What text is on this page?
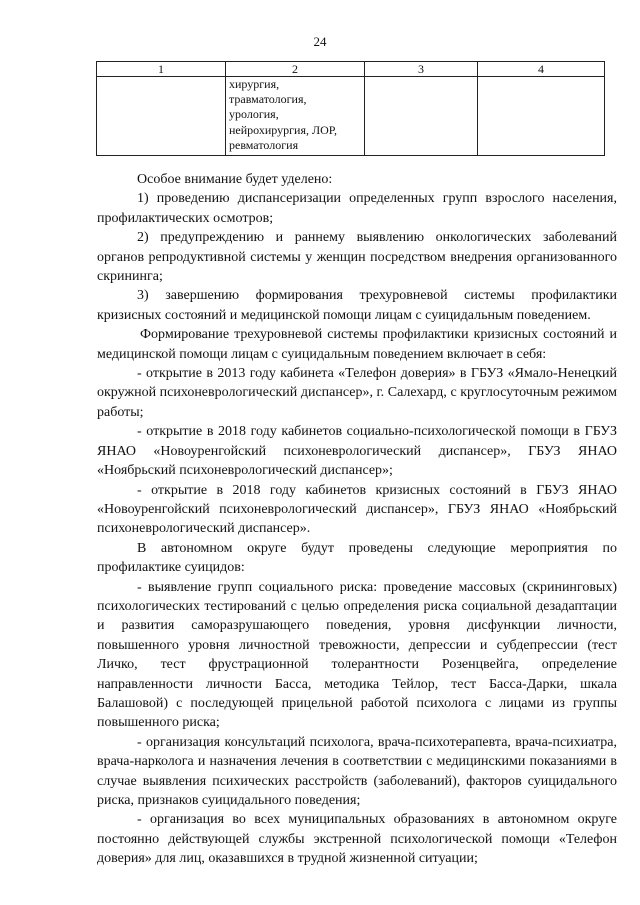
24
1	2	3	4

	хирургия,
травматология,
урология,
нейрохирургия, ЛОР,
ревматология		

Особое внимание будет уделено:

1) проведению диспансеризации определенных групп взрослого населения, профилактических осмотров;

2) предупреждению и раннему выявлению онкологических заболеваний органов репродуктивной системы у женщин посредством внедрения организованного скрининга;

3) завершению формирования трехуровневой системы профилактики кризисных состояний и медицинской помощи лицам с суицидальным поведением.

Формирование трехуровневой системы профилактики кризисных состояний и медицинской помощи лицам с суицидальным поведением включает в себя:

- открытие в 2013 году кабинета «Телефон доверия» в ГБУЗ «Ямало-Ненецкий окружной психоневрологический диспансер», г. Салехард, с круглосуточным режимом работы;

- открытие в 2018 году кабинетов социально-психологической помощи в ГБУЗ ЯНАО «Новоуренгойский психоневрологический диспансер», ГБУЗ ЯНАО «Ноябрьский психоневрологический диспансер»;

- открытие в 2018 году кабинетов кризисных состояний в ГБУЗ ЯНАО «Новоуренгойский психоневрологический диспансер», ГБУЗ ЯНАО «Ноябрьский психоневрологический диспансер».

В автономном округе будут проведены следующие мероприятия по профилактике суицидов:

- выявление групп социального риска: проведение массовых (скрининговых) психологических тестирований с целью определения риска социальной дезадаптации и развития саморазрушающего поведения, уровня дисфункции личности, повышенного уровня личностной тревожности, депрессии и субдепрессии (тест Личко, тест фрустрационной толерантности Розенцвейга, определение направленности личности Басса, методика Тейлор, тест Басса-Дарки, шкала Балашовой) с последующей прицельной работой психолога с лицами из группы повышенного риска;

- организация консультаций психолога, врача-психотерапевта, врача-психиатра, врача-нарколога и назначения лечения в соответствии с медицинскими показаниями в случае выявления психических расстройств (заболеваний), факторов суицидального риска, признаков суицидального поведения;

- организация во всех муниципальных образованиях в автономном округе постоянно действующей службы экстренной психологической помощи «Телефон доверия» для лиц, оказавшихся в трудной жизненной ситуации;
